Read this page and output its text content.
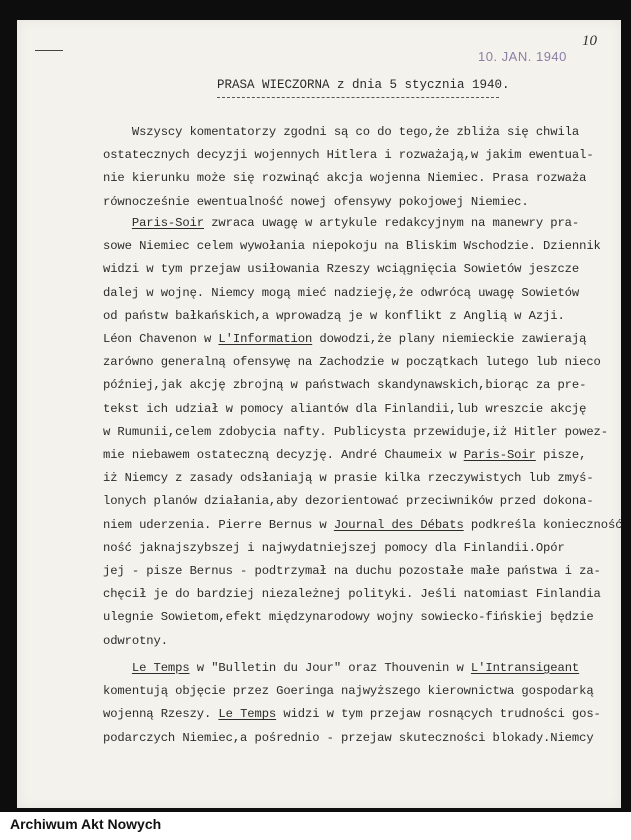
10. JAN. 1940
10
PRASA WIECZORNA z dnia 5 stycznia 1940.
Wszyscy komentatorzy zgodni są co do tego,że zbliża się chwila
ostatecznych decyzji wojennych Hitlera i rozważają,w jakim ewentual-
nie kierunku może się rozwinąć akcja wojenna Niemiec. Prasa rozważa
równocześnie ewentualność nowej ofensywy pokojowej Niemiec.
Paris-Soir zwraca uwagę w artykule redakcyjnym na manewry pra-
sowe Niemiec celem wywołania niepokoju na Bliskim Wschodzie. Dziennik
widzi w tym przejaw usiłowania Rzeszy wciągnięcia Sowietów jeszcze
dalej w wojnę. Niemcy mogą mieć nadzieję,że odwrócą uwagę Sowietów
od państw bałkańskich,a wprowadzą je w konflikt z Anglią w Azji.
Léon Chavenon w L'Information dowodzi,że plany niemieckie zawierają
zarówno generalną ofensywę na Zachodzie w początkach lutego lub nieco
później,jak akcję zbrojną w państwach skandynawskich,biorąc za pre-
tekst ich udział w pomocy aliantów dla Finlandii,lub wreszcie akcję
w Rumunii,celem zdobycia nafty. Publicysta przewiduje,iż Hitler powez-
mie niebawem ostateczną decyzję. André Chaumeix w Paris-Soir pisze,
iż Niemcy z zasady odsłaniają w prasie kilka rzeczywistych lub zmyś-
lonych planów działania,aby dezorientować przeciwników przed dokona-
niem uderzenia. Pierre Bernus w Journal des Débats podkreśla konieczność
ność jaknajszybszej i najwydatniejszej pomocy dla Finlandii.Opór
jej - pisze Bernus - podtrzymał na duchu pozostałe małe państwa i za-
chęcił je do bardziej niezależnej polityki. Jeśli natomiast Finlandia
ulegnie Sowietom,efekt międzynarodowy wojny sowiecko-fińskiej będzie
odwrotny.
Le Temps w "Bulletin du Jour" oraz Thouvenin w L'Intransigeant
komentują objęcie przez Goeringa najwyższego kierownictwa gospodarką
wojenną Rzeszy. Le Temps widzi w tym przejaw rosnących trudności gos-
podarczych Niemiec,a pośrednio - przejaw skuteczności blokady.Niemcy
Archiwum Akt Nowych
